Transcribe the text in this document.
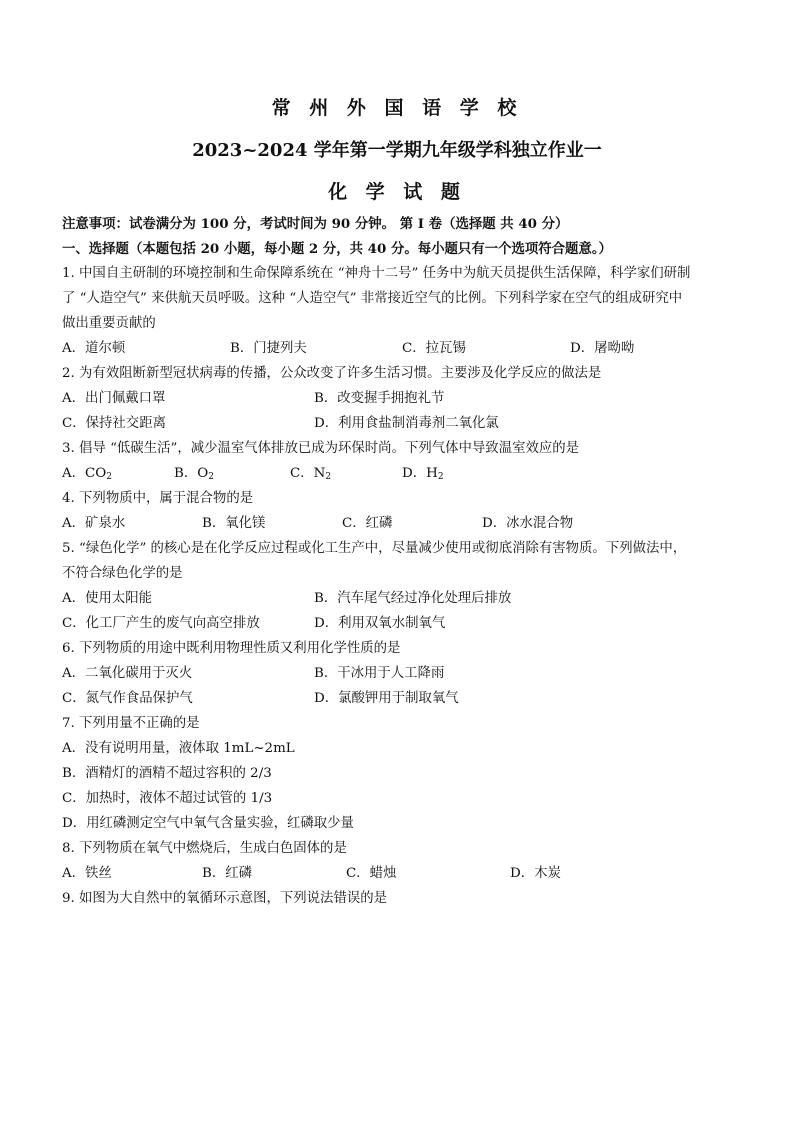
常 州 外 国 语 学 校
2023~2024 学年第一学期九年级学科独立作业一
化 学 试 题
注意事项：试卷满分为 100 分，考试时间为 90 分钟。 第 Ⅰ 卷（选择题 共 40 分）
一、选择题（本题包括 20 小题，每小题 2 分，共 40 分。每小题只有一个选项符合题意。）
1. 中国自主研制的环境控制和生命保障系统在 “神舟十二号” 任务中为航天员提供生活保障，科学家们研制
了 “人造空气” 来供航天员呼吸。这种 “人造空气” 非常接近空气的比例。下列科学家在空气的组成研究中
做出重要贡献的
A．道尔顿	B．门捷列夫	C．拉瓦锡	D．屠呦呦
2. 为有效阻断新型冠状病毒的传播，公众改变了许多生活习惯。主要涉及化学反应的做法是
A．出门佩戴口罩	B．改变握手拥抱礼节
C．保持社交距离	D．利用食盐制消毒剂二氧化氯
3. 倡导 “低碳生活”，减少温室气体排放已成为环保时尚。下列气体中导致温室效应的是
A．$CO_2$	B．$O_2$	C．$N_2$	D．$H_2$
4. 下列物质中，属于混合物的是
A．矿泉水	B．氧化镁	C．红磷	D．冰水混合物
5. “绿色化学” 的核心是在化学反应过程或化工生产中，尽量减少使用或彻底消除有害物质。下列做法中，
不符合绿色化学的是
A．使用太阳能	B．汽车尾气经过净化处理后排放
C．化工厂产生的废气向高空排放	D．利用双氧水制氧气
6. 下列物质的用途中既利用物理性质又利用化学性质的是
A．二氧化碳用于灭火	B．干冰用于人工降雨
C．氮气作食品保护气	D．氯酸钾用于制取氧气
7. 下列用量不正确的是
A．没有说明用量，液体取 1mL~2mL
B．酒精灯的酒精不超过容积的 2/3
C．加热时，液体不超过试管的 1/3
D．用红磷测定空气中氧气含量实验，红磷取少量
8. 下列物质在氧气中燃烧后，生成白色固体的是
A．铁丝	B．红磷	C．蜡烛	D．木炭
9. 如图为大自然中的氧循环示意图，下列说法错误的是
